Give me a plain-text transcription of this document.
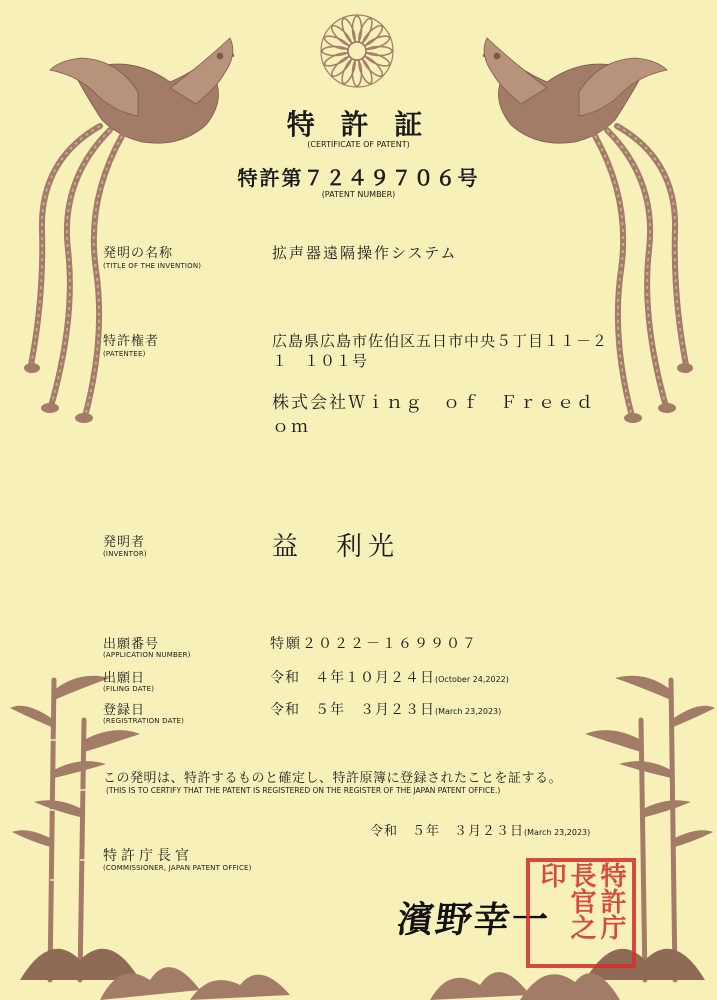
特 許 証
(CERTIFICATE OF PATENT)
特許第７２４９７０６号
(PATENT NUMBER)
発明の名称
(TITLE OF THE INVENTION)
拡声器遠隔操作システム
特許権者
(PATENTEE)
広島県広島市佐伯区五日市中央５丁目１１－２
１　１０１号
株式会社Ｗｉｎｇ　ｏｆ　Ｆｒｅｅｄ
ｏｍ
発明者
(INVENTOR)	益　利光
出願番号
(APPLICATION NUMBER)
特願２０２２－１６９９０７
出願日
(FILING DATE)
令和　４年１０月２４日(October 24,2022)
登録日
(REGISTRATION DATE)
令和　５年　３月２３日(March 23,2023)
この発明は、特許するものと確定し、特許原簿に登録されたことを証する。
(THIS IS TO CERTIFY THAT THE PATENT IS REGISTERED ON THE REGISTER OF THE JAPAN PATENT OFFICE.)
令和　５年　３月２３日(March 23,2023)
特許庁長官
(COMMISSIONER, JAPAN PATENT OFFICE)
濱野幸一	特許庁長官之印
